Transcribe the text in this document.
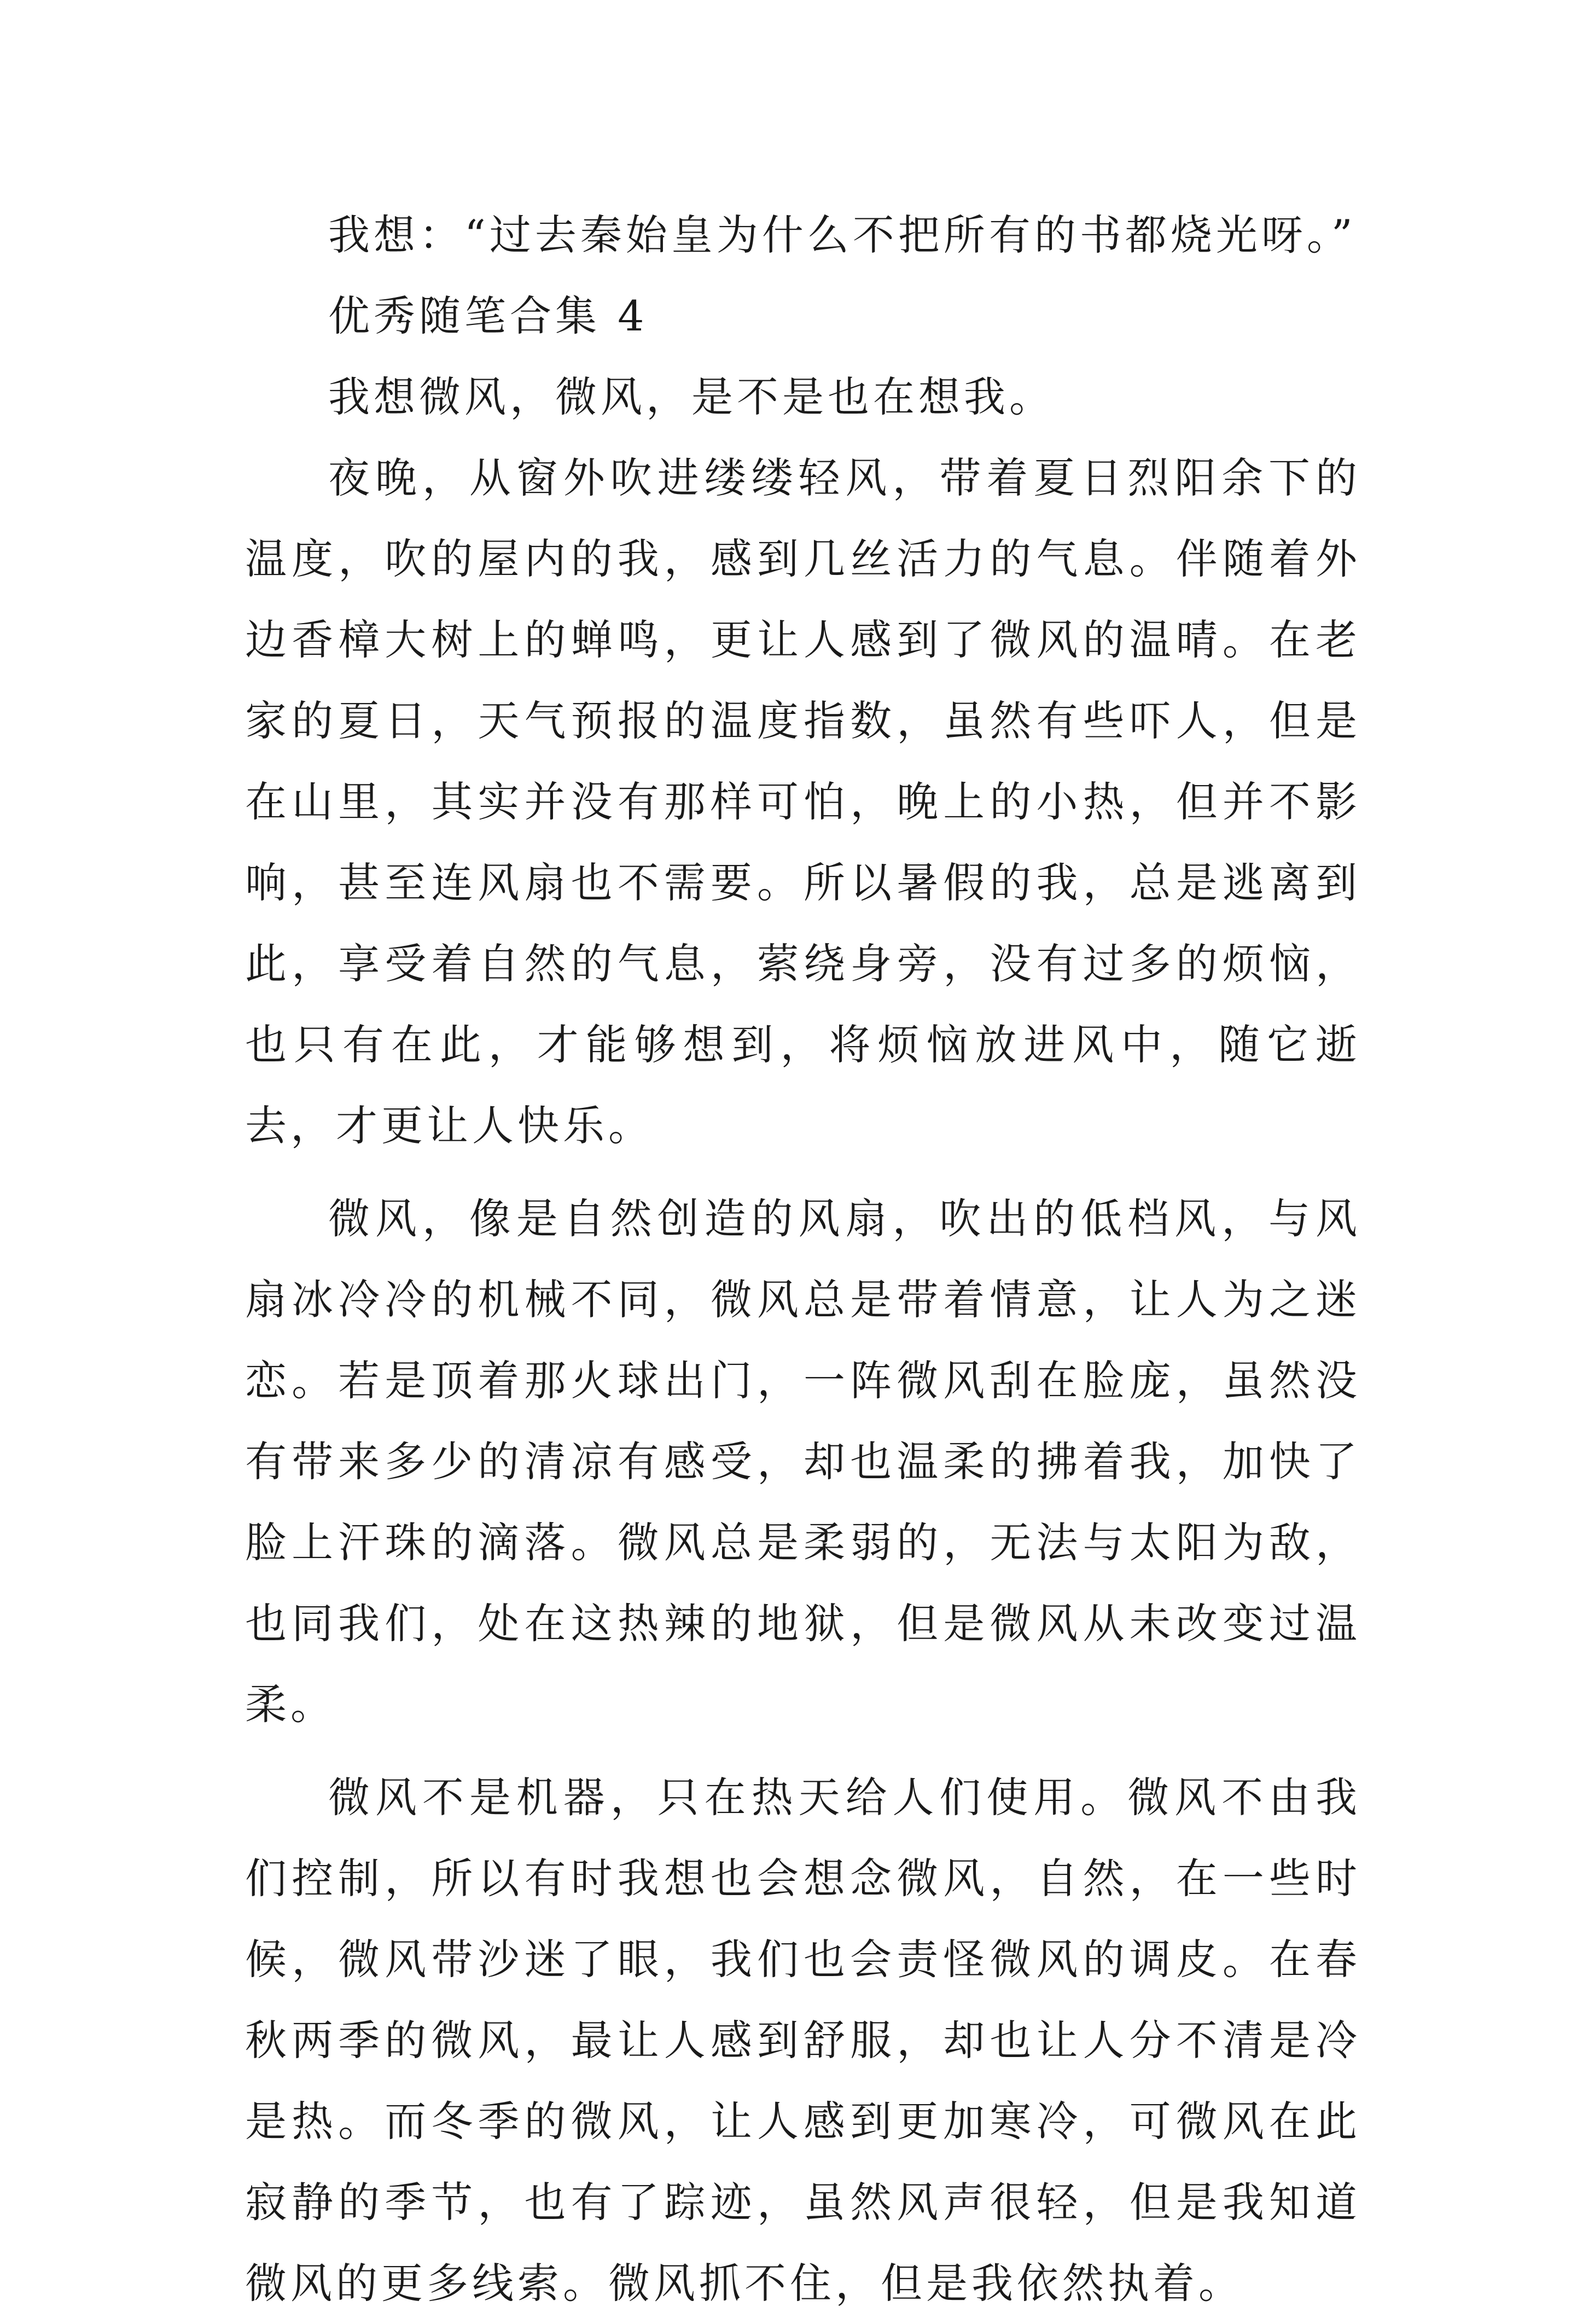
我想：“过去秦始皇为什么不把所有的书都烧光呀。”

优秀随笔合集 4

我想微风，微风，是不是也在想我。

夜晚，从窗外吹进缕缕轻风，带着夏日烈阳余下的温度，吹的屋内的我，感到几丝活力的气息。伴随着外边香樟大树上的蝉鸣，更让人感到了微风的温晴。在老家的夏日，天气预报的温度指数，虽然有些吓人，但是在山里，其实并没有那样可怕，晚上的小热，但并不影响，甚至连风扇也不需要。所以暑假的我，总是逃离到此，享受着自然的气息，萦绕身旁，没有过多的烦恼，也只有在此，才能够想到，将烦恼放进风中，随它逝去，才更让人快乐。

微风，像是自然创造的风扇，吹出的低档风，与风扇冰冷冷的机械不同，微风总是带着情意，让人为之迷恋。若是顶着那火球出门，一阵微风刮在脸庞，虽然没有带来多少的清凉有感受，却也温柔的拂着我，加快了脸上汗珠的滴落。微风总是柔弱的，无法与太阳为敌，也同我们，处在这热辣的地狱，但是微风从未改变过温柔。

微风不是机器，只在热天给人们使用。微风不由我们控制，所以有时我想也会想念微风，自然，在一些时候，微风带沙迷了眼，我们也会责怪微风的调皮。在春秋两季的微风，最让人感到舒服，却也让人分不清是冷是热。而冬季的微风，让人感到更加寒冷，可微风在此寂静的季节，也有了踪迹，虽然风声很轻，但是我知道微风的更多线索。微风抓不住，但是我依然执着。
